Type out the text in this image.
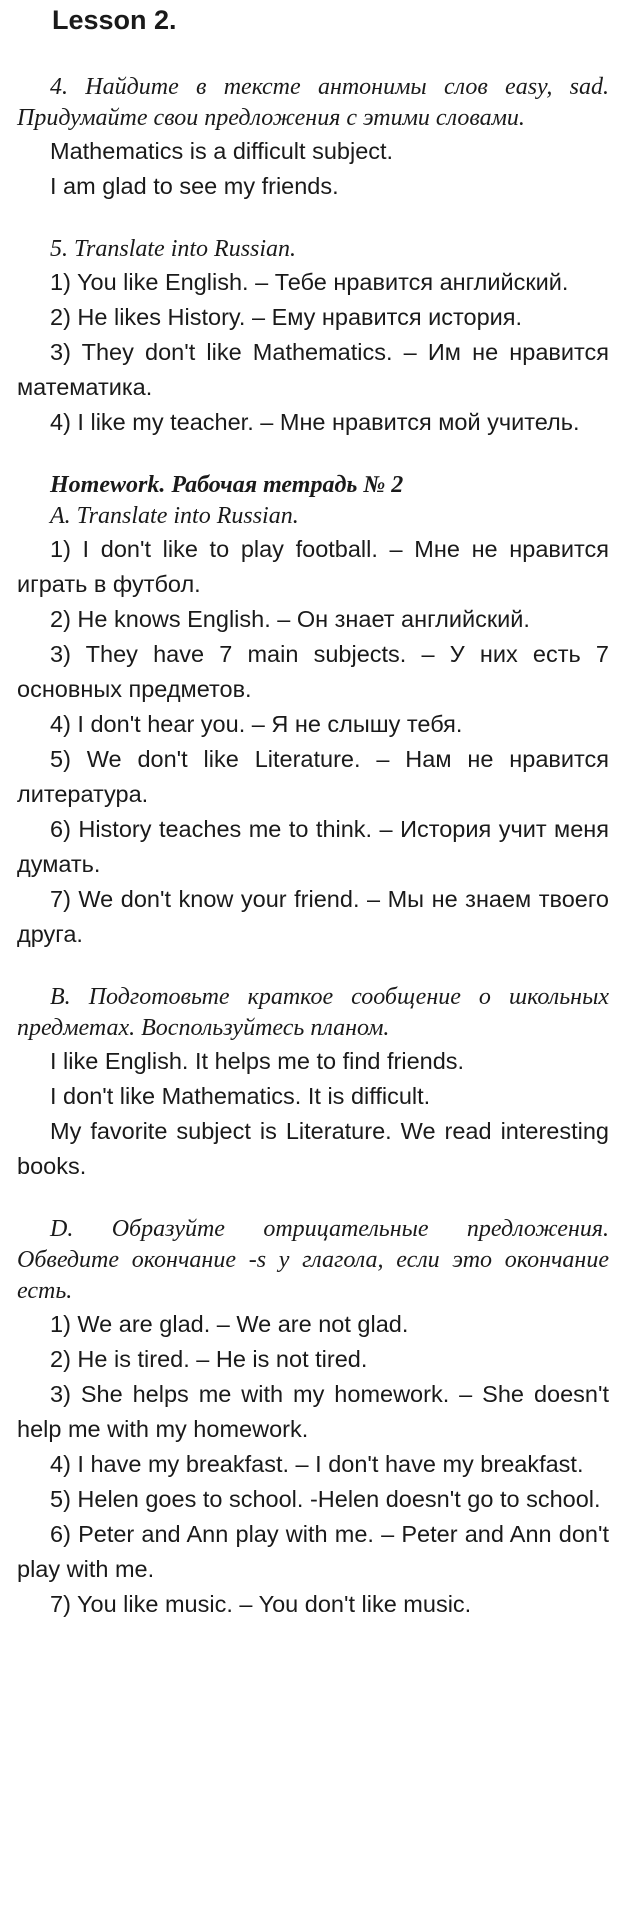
Lesson 2.

4. Найдите в тексте антонимы слов easy, sad. Придумайте свои предложения с этими словами.

Mathematics is a difficult subject.

I am glad to see my friends.

5. Translate into Russian.

1) You like English. – Тебе нравится английский.

2) He likes History. – Ему нравится история.

3) They don't like Mathematics. – Им не нравится математика.

4) I like my teacher. – Мне нравится мой учитель.

Homework. Рабочая тетрадь № 2

A. Translate into Russian.

1) I don't like to play football. – Мне не нравится играть в футбол.

2) He knows English. – Он знает английский.

3) They have 7 main subjects. – У них есть 7 основных предметов.

4) I don't hear you. – Я не слышу тебя.

5) We don't like Literature. – Нам не нравится литература.

6) History teaches me to think. – История учит меня думать.

7) We don't know your friend. – Мы не знаем твоего друга.

B. Подготовьте краткое сообщение о школьных предметах. Воспользуйтесь планом.

I like English. It helps me to find friends.

I don't like Mathematics. It is difficult.

My favorite subject is Literature. We read interesting books.

D. Образуйте отрицательные предложения. Обведите окончание -s у глагола, если это окончание есть.

1) We are glad. – We are not glad.

2) He is tired. – He is not tired.

3) She helps me with my homework. – She doesn't help me with my homework.

4) I have my breakfast. – I don't have my breakfast.

5) Helen goes to school. -Helen doesn't go to school.

6) Peter and Ann play with me. – Peter and Ann don't play with me.

7) You like music. – You don't like music.
